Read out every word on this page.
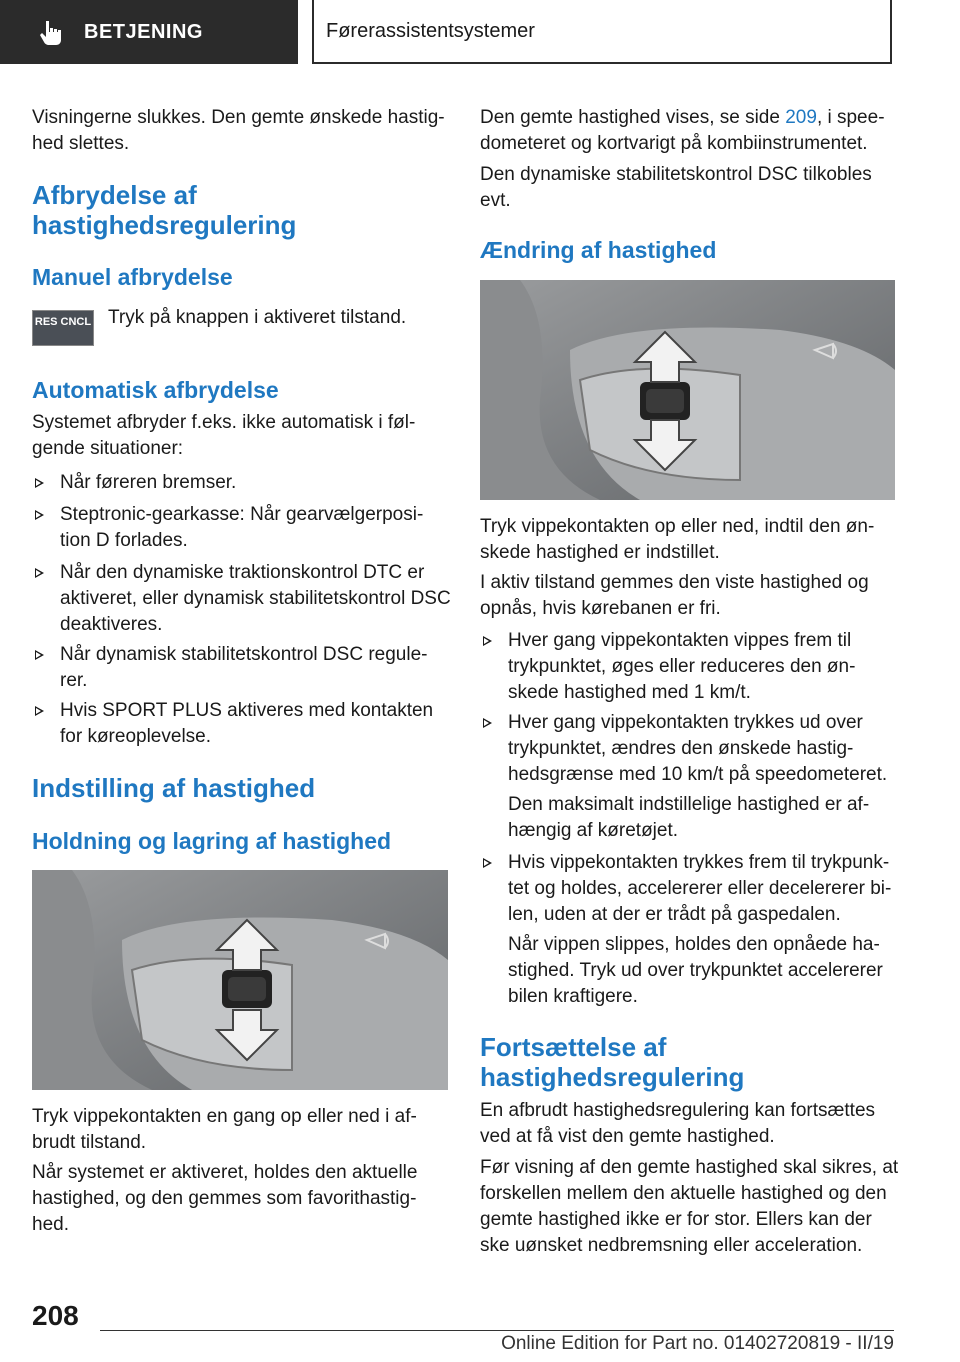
BETJENING	Førerassistentsystemer

Visningerne slukkes. Den gemte ønskede hastig‐hed slettes.

Afbrydelse af hastighedsregulering
Manuel afbrydelse
RES CNCL Tryk på knappen i aktiveret tilstand.

Automatisk afbrydelse

Systemet afbryder f.eks. ikke automatisk i føl‐gende situationer:

Når føreren bremser.

Steptronic-gearkasse: Når gearvælgerposi‐tion D forlades.

Når den dynamiske traktionskontrol DTC er aktiveret, eller dynamisk stabilitetskontrol DSC deaktiveres.

Når dynamisk stabilitetskontrol DSC regule‐rer.

Hvis SPORT PLUS aktiveres med kontakten for køreoplevelse.

Indstilling af hastighed
Holdning og lagring af hastighed

Tryk vippekontakten en gang op eller ned i af‐brudt tilstand.

Når systemet er aktiveret, holdes den aktuelle hastighed, og den gemmes som favorithastig‐hed.

Den gemte hastighed vises, se side 209, i spee‐dometeret og kortvarigt på kombiinstrumentet.

Den dynamiske stabilitetskontrol DSC tilkobles evt.

Ændring af hastighed

Tryk vippekontakten op eller ned, indtil den øn‐skede hastighed er indstillet.

I aktiv tilstand gemmes den viste hastighed og opnås, hvis kørebanen er fri.

Hver gang vippekontakten vippes frem til trykpunktet, øges eller reduceres den øn‐skede hastighed med 1 km/t.

Hver gang vippekontakten trykkes ud over trykpunktet, ændres den ønskede hastig‐hedsgrænse med 10 km/t på speedometeret.

Den maksimalt indstillelige hastighed er af‐hængig af køretøjet.

Hvis vippekontakten trykkes frem til trykpunk‐tet og holdes, accelererer eller decelererer bi‐len, uden at der er trådt på gaspedalen.

Når vippen slippes, holdes den opnåede ha‐stighed. Tryk ud over trykpunktet accelererer bilen kraftigere.

Fortsættelse af hastighedsregulering

En afbrudt hastighedsregulering kan fortsættes ved at få vist den gemte hastighed.

Før visning af den gemte hastighed skal sikres, at forskellen mellem den aktuelle hastighed og den gemte hastighed ikke er for stor. Ellers kan der ske uønsket nedbremsning eller acceleration.

208
Online Edition for Part no. 01402720819 - II/19
